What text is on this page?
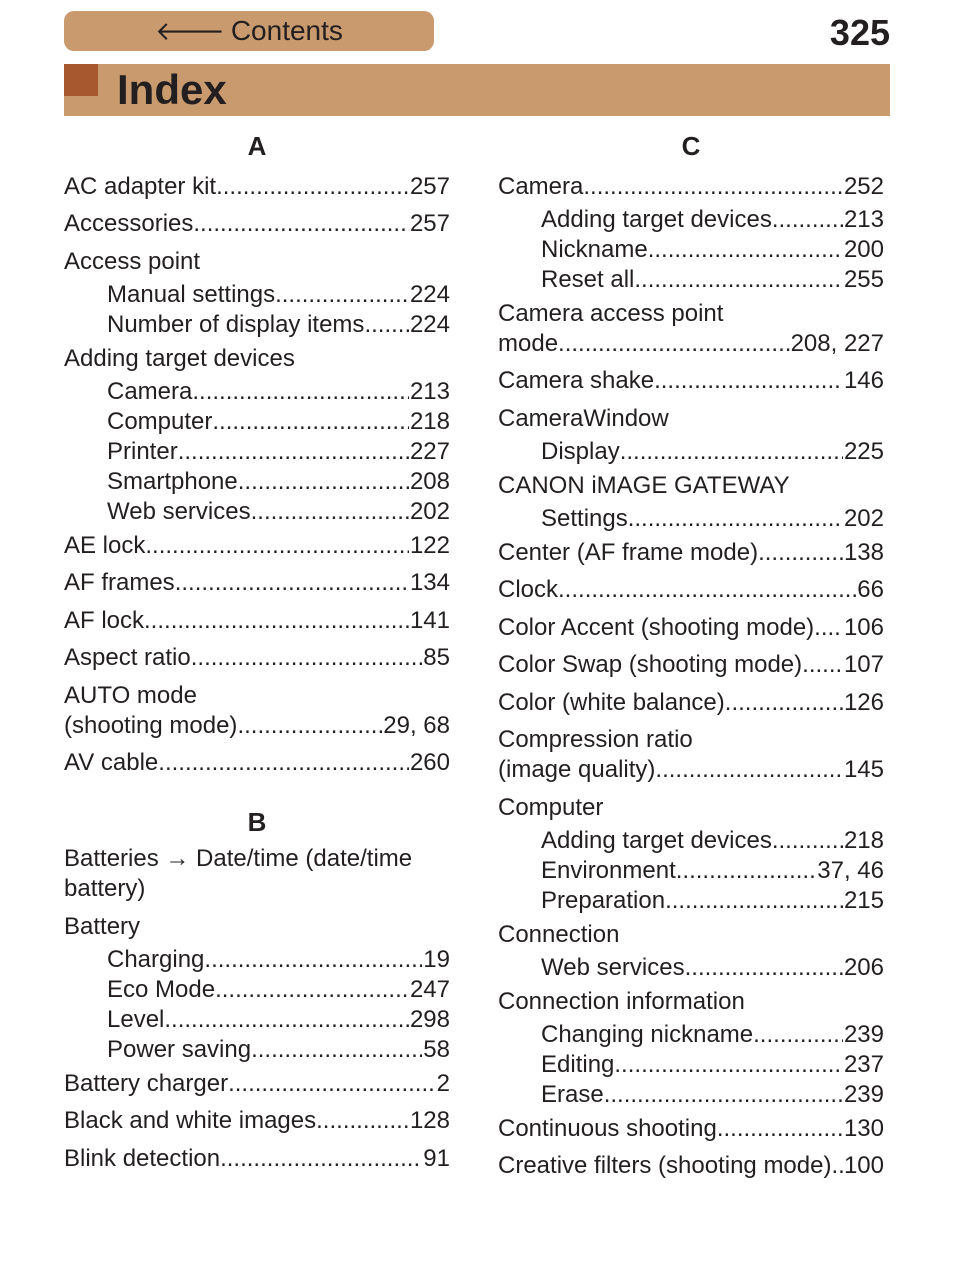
🡐 Contents	325
Index
A
AC adapter kit .....	257
Accessories .....	257
Access point
Manual settings .....	224
Number of display items ..... 224
Adding target devices
Camera .....	213
Computer .....	218
Printer .....	227
Smartphone .....	208
Web services .....	202
AE lock .....	122
AF frames .....	134
AF lock .....	141
Aspect ratio .....	85
AUTO mode
(shooting mode) .....	29, 68
AV cable .....	260
B
Batteries → Date/time (date/time
battery)
Battery
Charging .....	19
Eco Mode .....	247
Level .....	298
Power saving .....	58
Battery charger .....	2
Black and white images .....	128
Blink detection .....	91
C
Camera .....	252
Adding target devices .....	213
Nickname .....	200
Reset all .....	255
Camera access point
mode .....	208, 227
Camera shake .....	146
CameraWindow
Display .....	225
CANON iMAGE GATEWAY
Settings .....	202
Center (AF frame mode) .....	138
Clock .....	66
Color Accent (shooting mode) ..... 106
Color Swap (shooting mode) ..... 107
Color (white balance) .....	126
Compression ratio
(image quality) .....	145
Computer
Adding target devices .....	218
Environment .....	37, 46
Preparation .....	215
Connection
Web services .....	206
Connection information
Changing nickname .....	239
Editing .....	237
Erase .....	239
Continuous shooting .....	130
Creative filters (shooting mode) ..... 100
